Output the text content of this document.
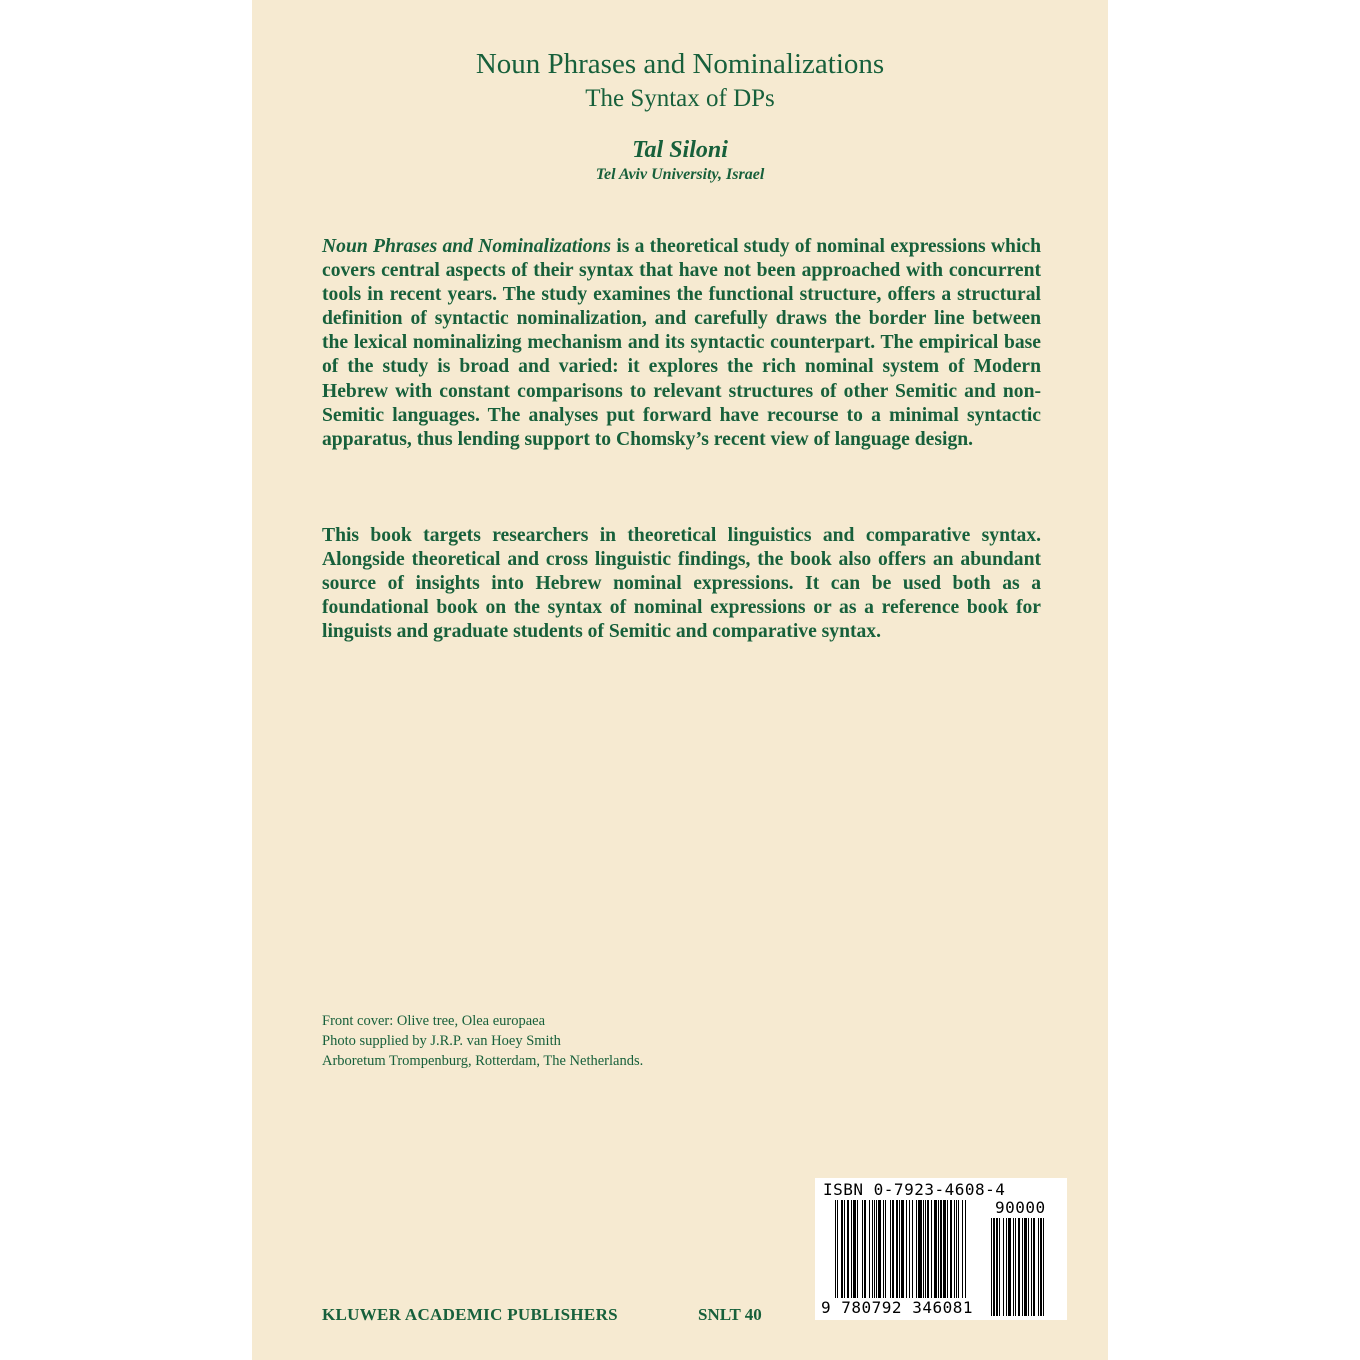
Noun Phrases and Nominalizations
The Syntax of DPs
Tal Siloni
Tel Aviv University, Israel

Noun Phrases and Nominalizations is a theoretical study of nominal expressions which covers central aspects of their syntax that have not been approached with concurrent tools in recent years. The study examines the functional structure, offers a structural definition of syntactic nominalization, and carefully draws the border line between the lexical nominalizing mechanism and its syntactic counterpart. The empirical base of the study is broad and varied: it explores the rich nominal system of Modern Hebrew with constant comparisons to relevant structures of other Semitic and non-Semitic languages. The analyses put forward have recourse to a minimal syntactic apparatus, thus lending support to Chomsky’s recent view of language design.

This book targets researchers in theoretical linguistics and comparative syntax. Alongside theoretical and cross linguistic findings, the book also offers an abundant source of insights into Hebrew nominal expressions. It can be used both as a foundational book on the syntax of nominal expressions or as a reference book for linguists and graduate students of Semitic and comparative syntax.

Front cover: Olive tree, Olea europaea
Photo supplied by J.R.P. van Hoey Smith
Arboretum Trompenburg, Rotterdam, The Netherlands.
KLUWER ACADEMIC PUBLISHERS	SNLT 40
ISBN 0-7923-4608-4
90000
9 780792 346081
